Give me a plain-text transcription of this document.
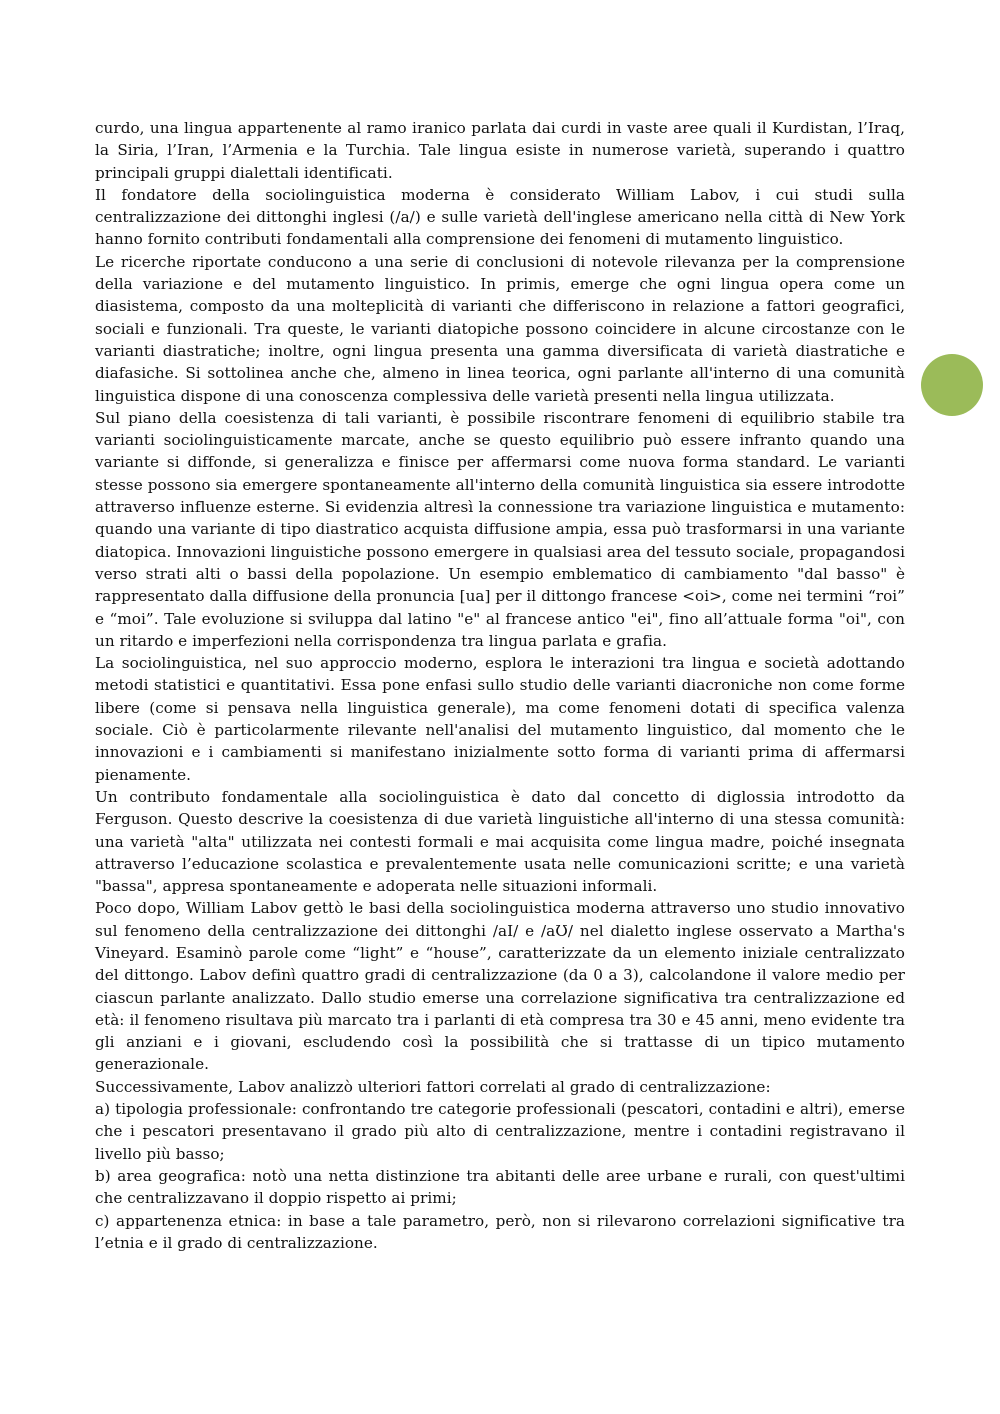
curdo, una lingua appartenente al ramo iranico parlata dai curdi in vaste aree quali il Kurdistan, l’Iraq, la Siria, l’Iran, l’Armenia e la Turchia. Tale lingua esiste in numerose varietà, superando i quattro principali gruppi dialettali identificati.

Il fondatore della sociolinguistica moderna è considerato William Labov, i cui studi sulla centralizzazione dei dittonghi inglesi (/a/) e sulle varietà dell'inglese americano nella città di New York hanno fornito contributi fondamentali alla comprensione dei fenomeni di mutamento linguistico.

Le ricerche riportate conducono a una serie di conclusioni di notevole rilevanza per la comprensione della variazione e del mutamento linguistico. In primis, emerge che ogni lingua opera come un diasistema, composto da una molteplicità di varianti che differiscono in relazione a fattori geografici, sociali e funzionali. Tra queste, le varianti diatopiche possono coincidere in alcune circostanze con le varianti diastratiche; inoltre, ogni lingua presenta una gamma diversificata di varietà diastratiche e diafasiche. Si sottolinea anche che, almeno in linea teorica, ogni parlante all'interno di una comunità linguistica dispone di una conoscenza complessiva delle varietà presenti nella lingua utilizzata.

Sul piano della coesistenza di tali varianti, è possibile riscontrare fenomeni di equilibrio stabile tra varianti sociolinguisticamente marcate, anche se questo equilibrio può essere infranto quando una variante si diffonde, si generalizza e finisce per affermarsi come nuova forma standard. Le varianti stesse possono sia emergere spontaneamente all'interno della comunità linguistica sia essere introdotte attraverso influenze esterne. Si evidenzia altresì la connessione tra variazione linguistica e mutamento: quando una variante di tipo diastratico acquista diffusione ampia, essa può trasformarsi in una variante diatopica. Innovazioni linguistiche possono emergere in qualsiasi area del tessuto sociale, propagandosi verso strati alti o bassi della popolazione. Un esempio emblematico di cambiamento "dal basso" è rappresentato dalla diffusione della pronuncia [ua] per il dittongo francese <oi>, come nei termini “roi” e “moi”. Tale evoluzione si sviluppa dal latino "e" al francese antico "ei", fino all’attuale forma "oi", con un ritardo e imperfezioni nella corrispondenza tra lingua parlata e grafia.

La sociolinguistica, nel suo approccio moderno, esplora le interazioni tra lingua e società adottando metodi statistici e quantitativi. Essa pone enfasi sullo studio delle varianti diacroniche non come forme libere (come si pensava nella linguistica generale), ma come fenomeni dotati di specifica valenza sociale. Ciò è particolarmente rilevante nell'analisi del mutamento linguistico, dal momento che le innovazioni e i cambiamenti si manifestano inizialmente sotto forma di varianti prima di affermarsi pienamente.

Un contributo fondamentale alla sociolinguistica è dato dal concetto di diglossia introdotto da Ferguson. Questo descrive la coesistenza di due varietà linguistiche all'interno di una stessa comunità: una varietà "alta" utilizzata nei contesti formali e mai acquisita come lingua madre, poiché insegnata attraverso l’educazione scolastica e prevalentemente usata nelle comunicazioni scritte; e una varietà "bassa", appresa spontaneamente e adoperata nelle situazioni informali.

Poco dopo, William Labov gettò le basi della sociolinguistica moderna attraverso uno studio innovativo sul fenomeno della centralizzazione dei dittonghi /aI/ e /aƱ/ nel dialetto inglese osservato a Martha's Vineyard. Esaminò parole come “light” e “house”, caratterizzate da un elemento iniziale centralizzato del dittongo. Labov definì quattro gradi di centralizzazione (da 0 a 3), calcolandone il valore medio per ciascun parlante analizzato. Dallo studio emerse una correlazione significativa tra centralizzazione ed età: il fenomeno risultava più marcato tra i parlanti di età compresa tra 30 e 45 anni, meno evidente tra gli anziani e i giovani, escludendo così la possibilità che si trattasse di un tipico mutamento generazionale.

Successivamente, Labov analizzò ulteriori fattori correlati al grado di centralizzazione:

a) tipologia professionale: confrontando tre categorie professionali (pescatori, contadini e altri), emerse che i pescatori presentavano il grado più alto di centralizzazione, mentre i contadini registravano il livello più basso;

b) area geografica: notò una netta distinzione tra abitanti delle aree urbane e rurali, con quest'ultimi che centralizzavano il doppio rispetto ai primi;

c) appartenenza etnica: in base a tale parametro, però, non si rilevarono correlazioni significative tra l’etnia e il grado di centralizzazione.
